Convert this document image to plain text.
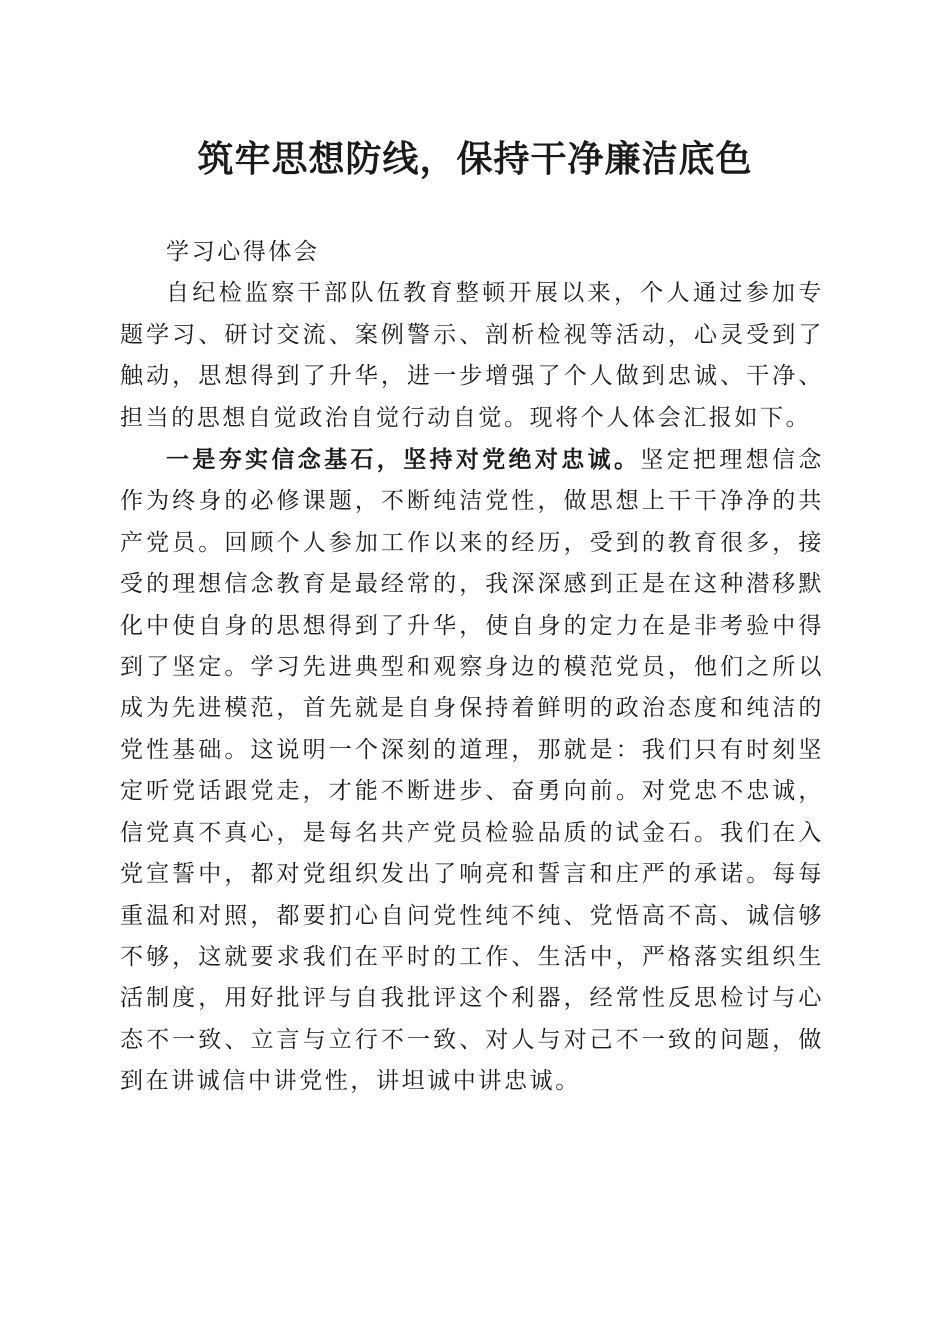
筑牢思想防线，保持干净廉洁底色

学习心得体会

自纪检监察干部队伍教育整顿开展以来，个人通过参加专题学习、研讨交流、案例警示、剖析检视等活动，心灵受到了触动，思想得到了升华，进一步增强了个人做到忠诚、干净、担当的思想自觉政治自觉行动自觉。现将个人体会汇报如下。

一是夯实信念基石，坚持对党绝对忠诚。坚定把理想信念作为终身的必修课题，不断纯洁党性，做思想上干干净净的共产党员。回顾个人参加工作以来的经历，受到的教育很多，接受的理想信念教育是最经常的，我深深感到正是在这种潜移默化中使自身的思想得到了升华，使自身的定力在是非考验中得到了坚定。学习先进典型和观察身边的模范党员，他们之所以成为先进模范，首先就是自身保持着鲜明的政治态度和纯洁的党性基础。这说明一个深刻的道理，那就是：我们只有时刻坚定听党话跟党走，才能不断进步、奋勇向前。对党忠不忠诚，信党真不真心，是每名共产党员检验品质的试金石。我们在入党宣誓中，都对党组织发出了响亮和誓言和庄严的承诺。每每重温和对照，都要扪心自问党性纯不纯、党悟高不高、诚信够不够，这就要求我们在平时的工作、生活中，严格落实组织生活制度，用好批评与自我批评这个利器，经常性反思检讨与心态不一致、立言与立行不一致、对人与对己不一致的问题，做到在讲诚信中讲党性，讲坦诚中讲忠诚。
